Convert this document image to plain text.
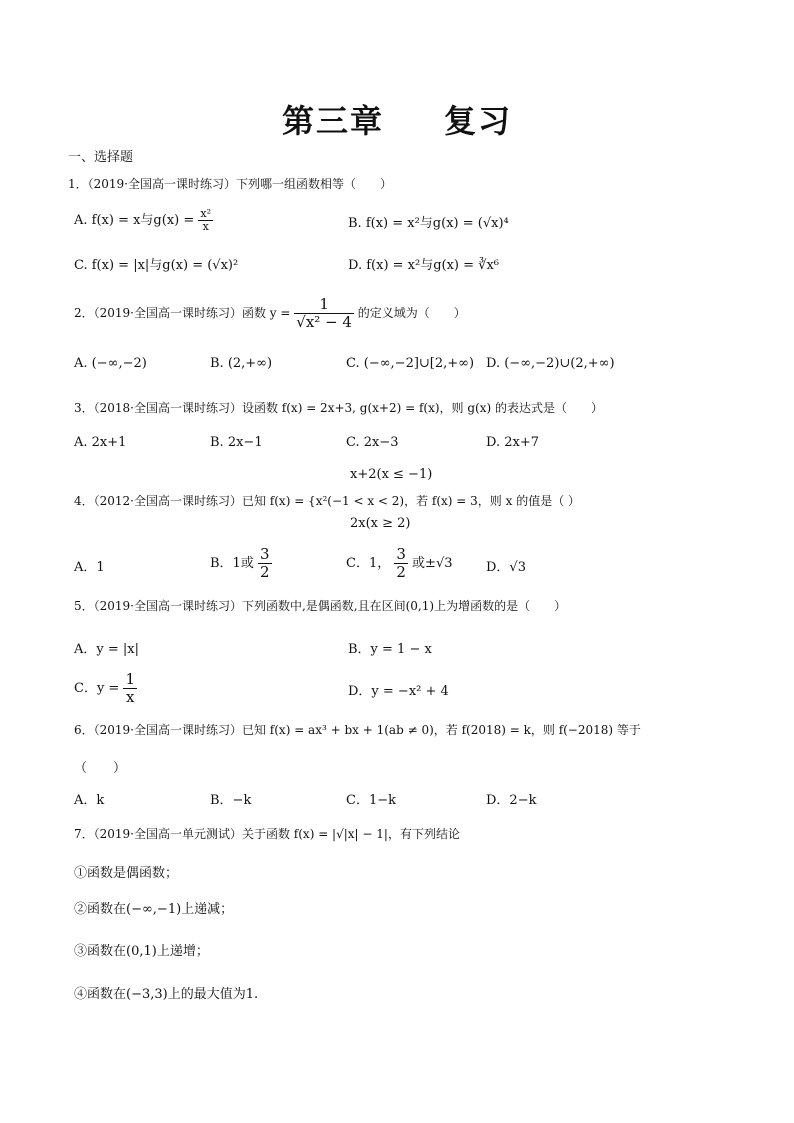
第三章 复习
一、选择题
1．（2019·全国高一课时练习）下列哪一组函数相等（　　）
A. f(x) = x与$g(x) = \frac{\text{x²}}{x}$	B. f(x) = x²与g(x) = (√x)⁴
C. f(x) = |x|与g(x) = (√x)²	D. f(x) = x²与g(x) = ∛x⁶
2．（2019·全国高一课时练习）函数 $y = \frac{1}{\text{√x² − 4}}$ 的定义域为（　　）
A. (−∞,−2)	B. (2,+∞)	C. (−∞,−2]∪[2,+∞) D. (−∞,−2)∪(2,+∞)
3．（2018·全国高一课时练习）设函数 f(x) = 2x+3, g(x+2) = f(x)，则 g(x) 的表达式是（　　）
A. 2x+1	B. 2x−1	C. 2x−3	D. 2x+7
x+2(x ≤ −1)
4．（2012·全国高一课时练习）已知 f(x) = {x²(−1 < x < 2)，若 f(x) = 3，则 x 的值是（ ）
2x(x ≥ 2)
A．1	B．1或 $\frac{3}{2}$	C．1， $\frac{3}{2}$ 或±√3	D．√3
5．（2019·全国高一课时练习）下列函数中,是偶函数,且在区间(0,1)上为增函数的是（　　）
A．y = |x|	B．y = 1 − x
C．$y = \frac{1}{x}$	D．y = −x² + 4
6．（2019·全国高一课时练习）已知 f(x) = ax³ + bx + 1(ab ≠ 0)，若 f(2018) = k，则 f(−2018) 等于
（　　）
A．k	B．−k	C．1−k	D．2−k
7．（2019·全国高一单元测试）关于函数 f(x) = |√|x| − 1|，有下列结论
①函数是偶函数；
②函数在(−∞,−1)上递减；
③函数在(0,1)上递增；
④函数在(−3,3)上的最大值为1.
